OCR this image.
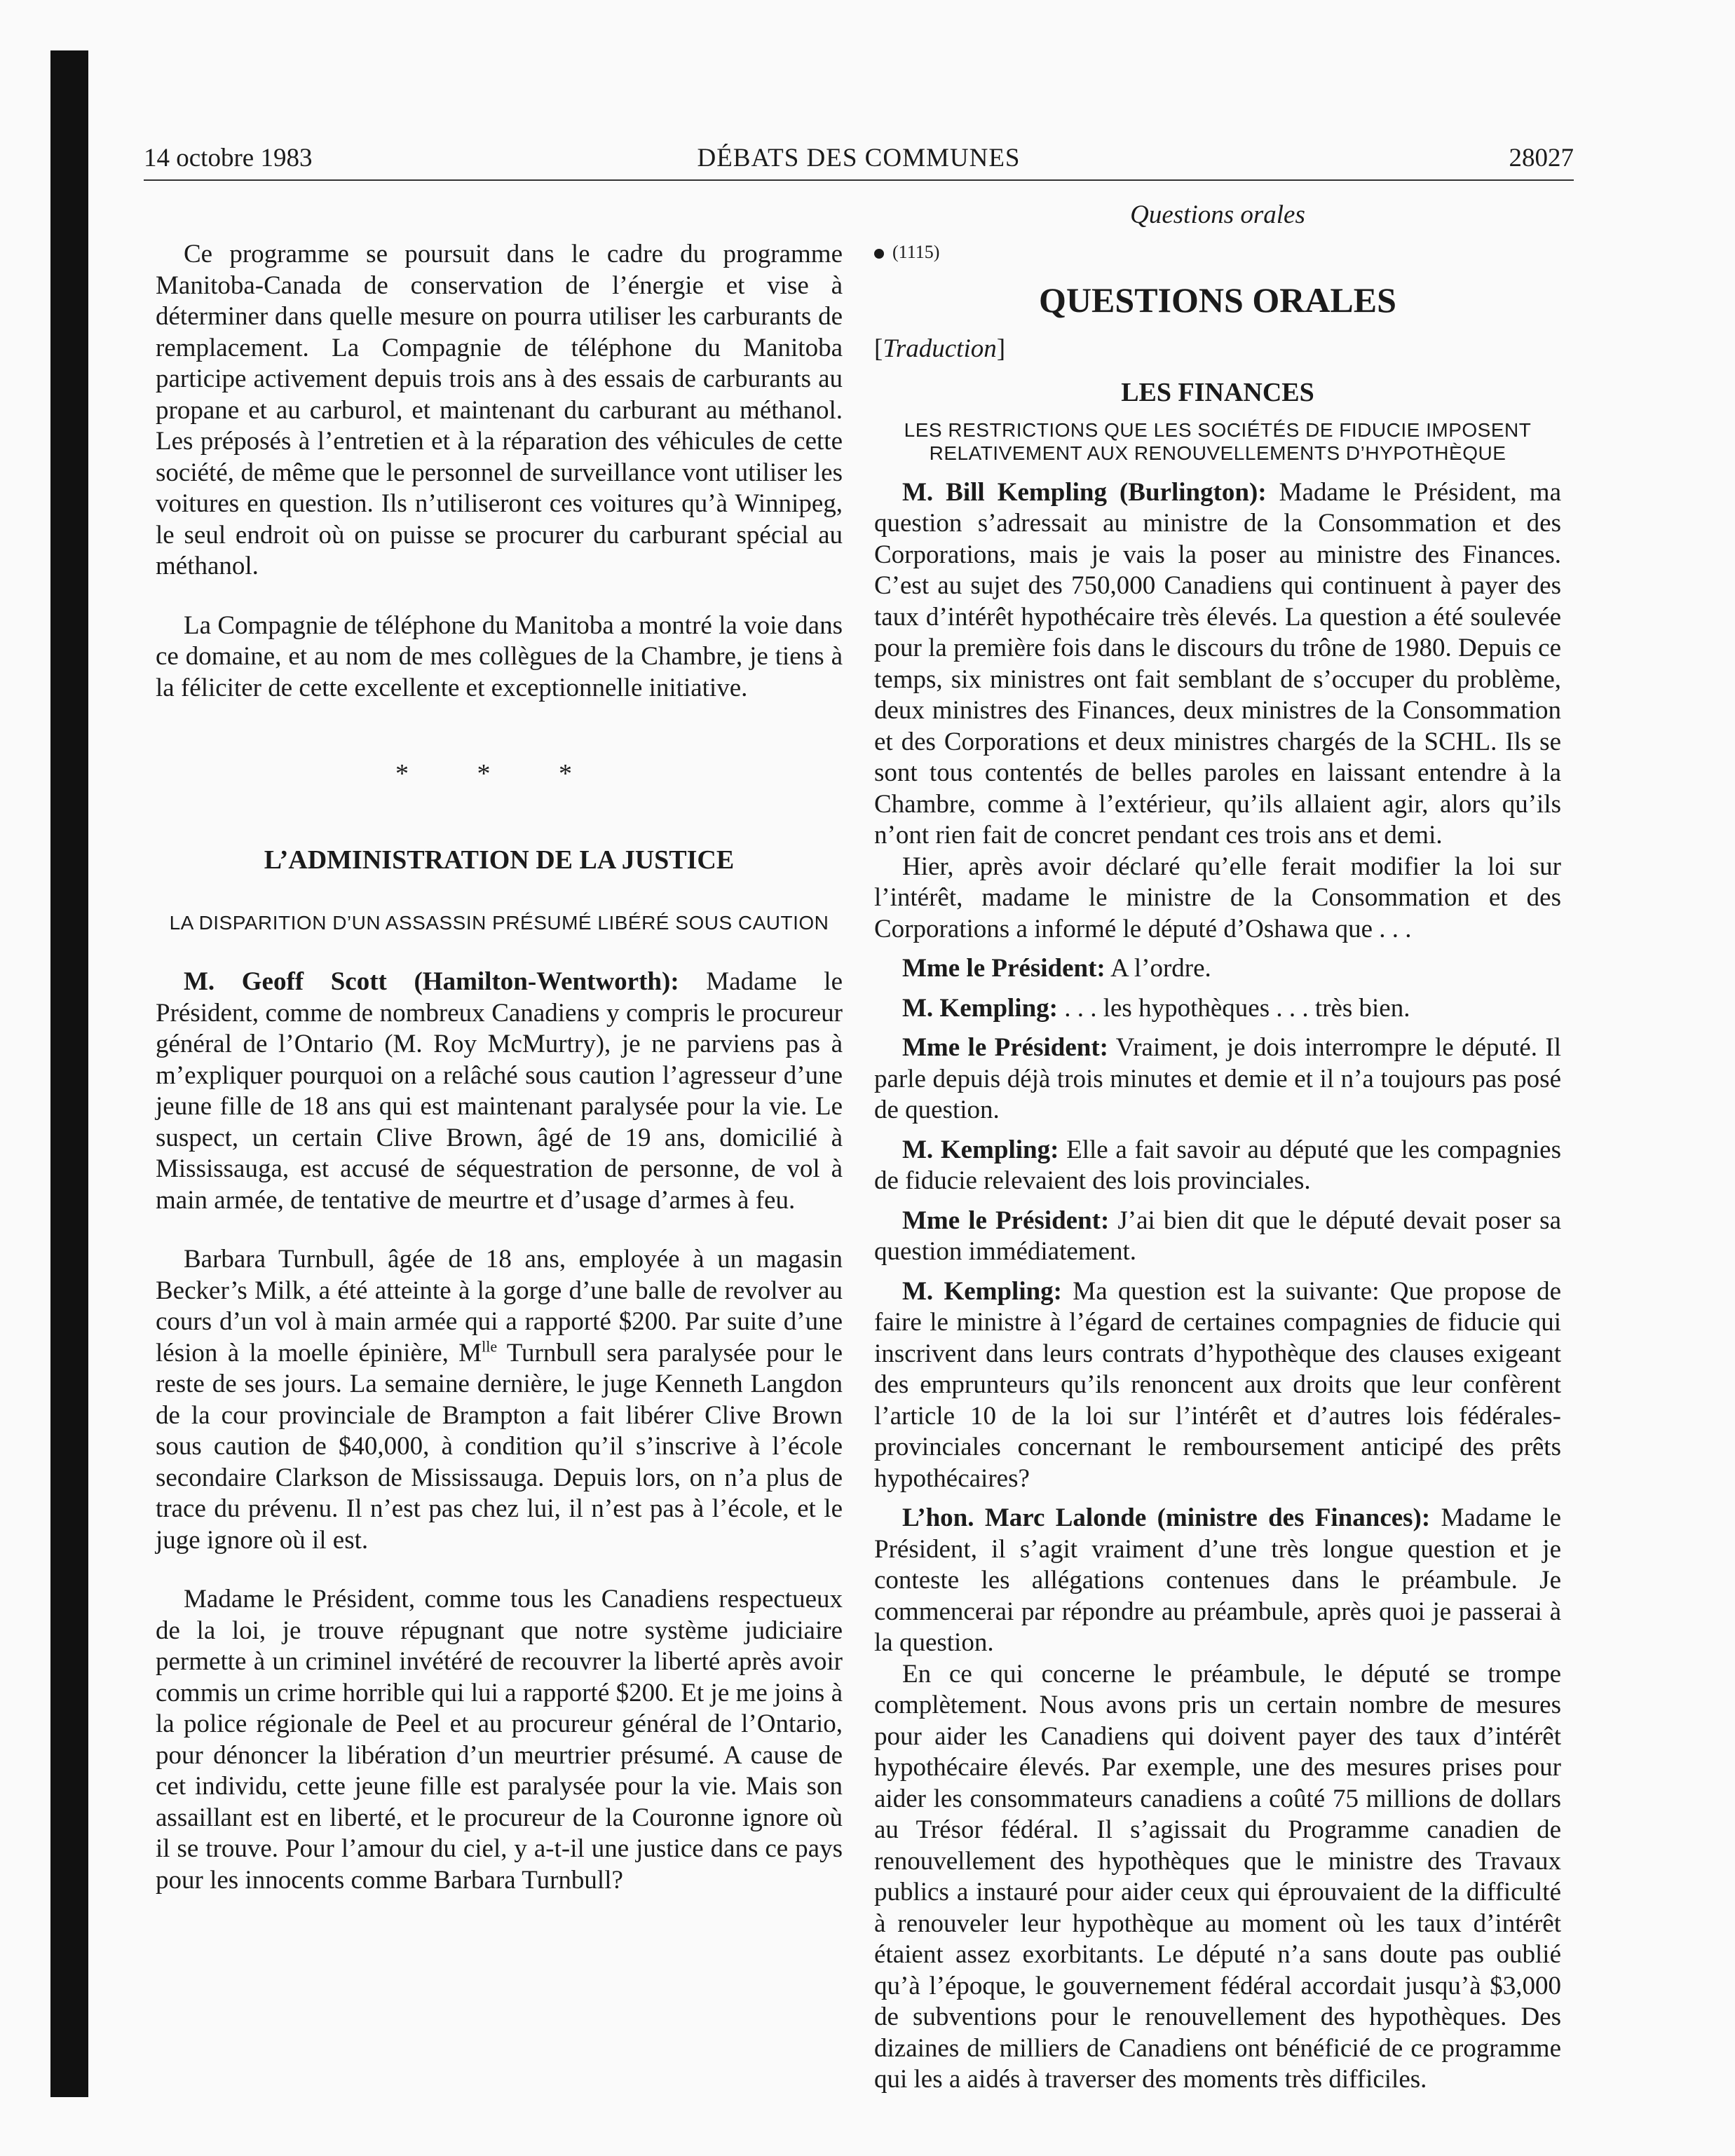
14 octobre 1983	DÉBATS DES COMMUNES	28027

Ce programme se poursuit dans le cadre du programme Manitoba-Canada de conservation de l’énergie et vise à déterminer dans quelle mesure on pourra utiliser les carburants de remplacement. La Compagnie de téléphone du Manitoba participe activement depuis trois ans à des essais de carburants au propane et au carburol, et maintenant du carburant au méthanol. Les préposés à l’entretien et à la réparation des véhicules de cette société, de même que le personnel de surveillance vont utiliser les voitures en question. Ils n’utiliseront ces voitures qu’à Winnipeg, le seul endroit où on puisse se procurer du carburant spécial au méthanol.

La Compagnie de téléphone du Manitoba a montré la voie dans ce domaine, et au nom de mes collègues de la Chambre, je tiens à la féliciter de cette excellente et exceptionnelle initiative.

* * *
L’ADMINISTRATION DE LA JUSTICE
LA DISPARITION D’UN ASSASSIN PRÉSUMÉ LIBÉRÉ SOUS CAUTION

M. Geoff Scott (Hamilton-Wentworth): Madame le Président, comme de nombreux Canadiens y compris le procureur général de l’Ontario (M. Roy McMurtry), je ne parviens pas à m’expliquer pourquoi on a relâché sous caution l’agresseur d’une jeune fille de 18 ans qui est maintenant paralysée pour la vie. Le suspect, un certain Clive Brown, âgé de 19 ans, domicilié à Mississauga, est accusé de séquestration de personne, de vol à main armée, de tentative de meurtre et d’usage d’armes à feu.

Barbara Turnbull, âgée de 18 ans, employée à un magasin Becker’s Milk, a été atteinte à la gorge d’une balle de revolver au cours d’un vol à main armée qui a rapporté $200. Par suite d’une lésion à la moelle épinière, $M^{lle}$ Turnbull sera paralysée pour le reste de ses jours. La semaine dernière, le juge Kenneth Langdon de la cour provinciale de Brampton a fait libérer Clive Brown sous caution de $40,000, à condition qu’il s’inscrive à l’école secondaire Clarkson de Mississauga. Depuis lors, on n’a plus de trace du prévenu. Il n’est pas chez lui, il n’est pas à l’école, et le juge ignore où il est.

Madame le Président, comme tous les Canadiens respectueux de la loi, je trouve répugnant que notre système judiciaire permette à un criminel invétéré de recouvrer la liberté après avoir commis un crime horrible qui lui a rapporté $200. Et je me joins à la police régionale de Peel et au procureur général de l’Ontario, pour dénoncer la libération d’un meurtrier présumé. A cause de cet individu, cette jeune fille est paralysée pour la vie. Mais son assaillant est en liberté, et le procureur de la Couronne ignore où il se trouve. Pour l’amour du ciel, y a-t-il une justice dans ce pays pour les innocents comme Barbara Turnbull?

Questions orales
(1115)
QUESTIONS ORALES
[Traduction]
LES FINANCES
LES RESTRICTIONS QUE LES SOCIÉTÉS DE FIDUCIE IMPOSENT RELATIVEMENT AUX RENOUVELLEMENTS D’HYPOTHÈQUE

M. Bill Kempling (Burlington): Madame le Président, ma question s’adressait au ministre de la Consommation et des Corporations, mais je vais la poser au ministre des Finances. C’est au sujet des 750,000 Canadiens qui continuent à payer des taux d’intérêt hypothécaire très élevés. La question a été soulevée pour la première fois dans le discours du trône de 1980. Depuis ce temps, six ministres ont fait semblant de s’occuper du problème, deux ministres des Finances, deux ministres de la Consommation et des Corporations et deux ministres chargés de la SCHL. Ils se sont tous contentés de belles paroles en laissant entendre à la Chambre, comme à l’extérieur, qu’ils allaient agir, alors qu’ils n’ont rien fait de concret pendant ces trois ans et demi.

Hier, après avoir déclaré qu’elle ferait modifier la loi sur l’intérêt, madame le ministre de la Consommation et des Corporations a informé le député d’Oshawa que . . .

Mme le Président: A l’ordre.

M. Kempling: . . . les hypothèques . . . très bien.

Mme le Président: Vraiment, je dois interrompre le député. Il parle depuis déjà trois minutes et demie et il n’a toujours pas posé de question.

M. Kempling: Elle a fait savoir au député que les compagnies de fiducie relevaient des lois provinciales.

Mme le Président: J’ai bien dit que le député devait poser sa question immédiatement.

M. Kempling: Ma question est la suivante: Que propose de faire le ministre à l’égard de certaines compagnies de fiducie qui inscrivent dans leurs contrats d’hypothèque des clauses exigeant des emprunteurs qu’ils renoncent aux droits que leur confèrent l’article 10 de la loi sur l’intérêt et d’autres lois fédérales-provinciales concernant le remboursement anticipé des prêts hypothécaires?

L’hon. Marc Lalonde (ministre des Finances): Madame le Président, il s’agit vraiment d’une très longue question et je conteste les allégations contenues dans le préambule. Je commencerai par répondre au préambule, après quoi je passerai à la question.

En ce qui concerne le préambule, le député se trompe complètement. Nous avons pris un certain nombre de mesures pour aider les Canadiens qui doivent payer des taux d’intérêt hypothécaire élevés. Par exemple, une des mesures prises pour aider les consommateurs canadiens a coûté 75 millions de dollars au Trésor fédéral. Il s’agissait du Programme canadien de renouvellement des hypothèques que le ministre des Travaux publics a instauré pour aider ceux qui éprouvaient de la difficulté à renouveler leur hypothèque au moment où les taux d’intérêt étaient assez exorbitants. Le député n’a sans doute pas oublié qu’à l’époque, le gouvernement fédéral accordait jusqu’à $3,000 de subventions pour le renouvellement des hypothèques. Des dizaines de milliers de Canadiens ont bénéficié de ce programme qui les a aidés à traverser des moments très difficiles.
